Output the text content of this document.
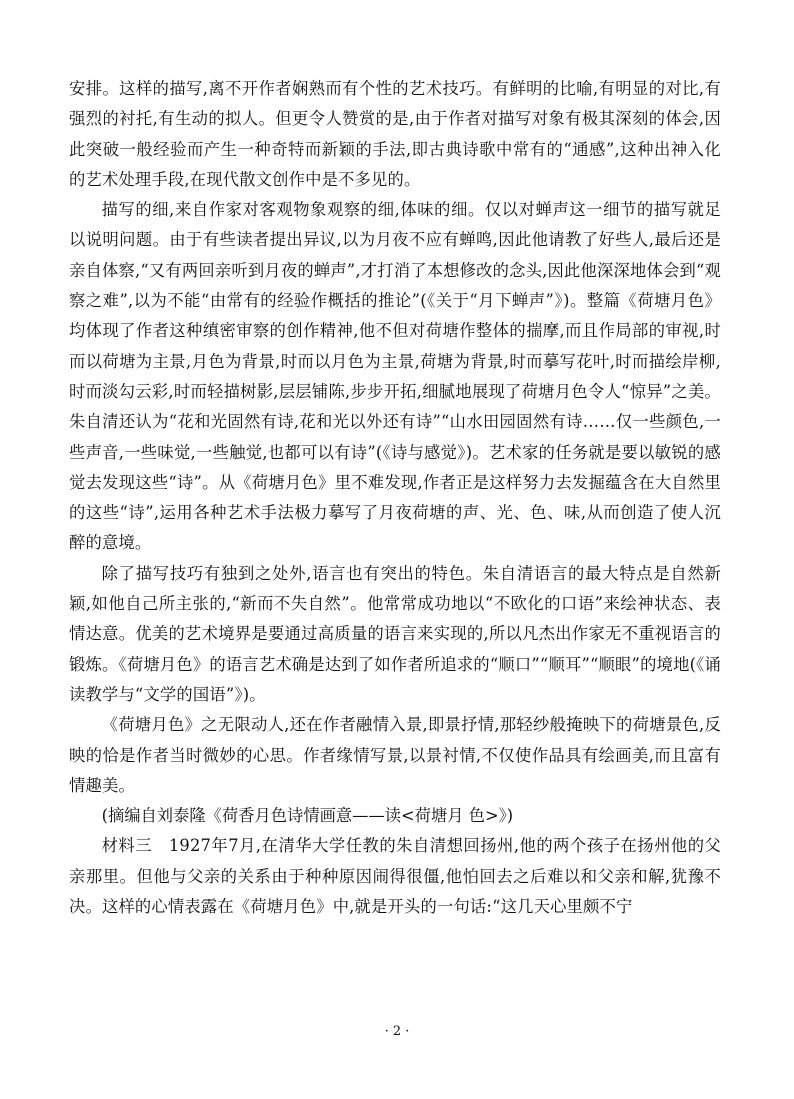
安排。这样的描写,离不开作者娴熟而有个性的艺术技巧。有鲜明的比喻,有明显的对比,有强烈的衬托,有生动的拟人。但更令人赞赏的是,由于作者对描写对象有极其深刻的体会,因此突破一般经验而产生一种奇特而新颖的手法,即古典诗歌中常有的“通感”,这种出神入化的艺术处理手段,在现代散文创作中是不多见的。

描写的细,来自作家对客观物象观察的细,体味的细。仅以对蝉声这一细节的描写就足以说明问题。由于有些读者提出异议,以为月夜不应有蝉鸣,因此他请教了好些人,最后还是亲自体察,“又有两回亲听到月夜的蝉声”,才打消了本想修改的念头,因此他深深地体会到“观察之难”,以为不能“由常有的经验作概括的推论”(《关于“月下蝉声”》)。整篇《荷塘月色》均体现了作者这种缜密审察的创作精神,他不但对荷塘作整体的揣摩,而且作局部的审视,时而以荷塘为主景,月色为背景,时而以月色为主景,荷塘为背景,时而摹写花叶,时而描绘岸柳,时而淡勾云彩,时而轻描树影,层层铺陈,步步开拓,细腻地展现了荷塘月色令人“惊异”之美。朱自清还认为“花和光固然有诗,花和光以外还有诗”“山水田园固然有诗……仅一些颜色,一些声音,一些味觉,一些触觉,也都可以有诗”(《诗与感觉》)。艺术家的任务就是要以敏锐的感觉去发现这些“诗”。从《荷塘月色》里不难发现,作者正是这样努力去发掘蕴含在大自然里的这些“诗”,运用各种艺术手法极力摹写了月夜荷塘的声、光、色、味,从而创造了使人沉醉的意境。

除了描写技巧有独到之处外,语言也有突出的特色。朱自清语言的最大特点是自然新颖,如他自己所主张的,“新而不失自然”。他常常成功地以“不欧化的口语”来绘神状态、表情达意。优美的艺术境界是要通过高质量的语言来实现的,所以凡杰出作家无不重视语言的锻炼。《荷塘月色》的语言艺术确是达到了如作者所追求的“顺口”“顺耳”“顺眼”的境地(《诵读教学与“文学的国语”》)。

《荷塘月色》之无限动人,还在作者融情入景,即景抒情,那轻纱般掩映下的荷塘景色,反映的恰是作者当时微妙的心思。作者缘情写景,以景衬情,不仅使作品具有绘画美,而且富有情趣美。

(摘编自刘泰隆《荷香月色诗情画意——读<荷塘月 色>》)

材料三　1927年7月,在清华大学任教的朱自清想回扬州,他的两个孩子在扬州他的父亲那里。但他与父亲的关系由于种种原因闹得很僵,他怕回去之后难以和父亲和解,犹豫不决。这样的心情表露在《荷塘月色》中,就是开头的一句话:“这几天心里颇不宁

· 2 ·
